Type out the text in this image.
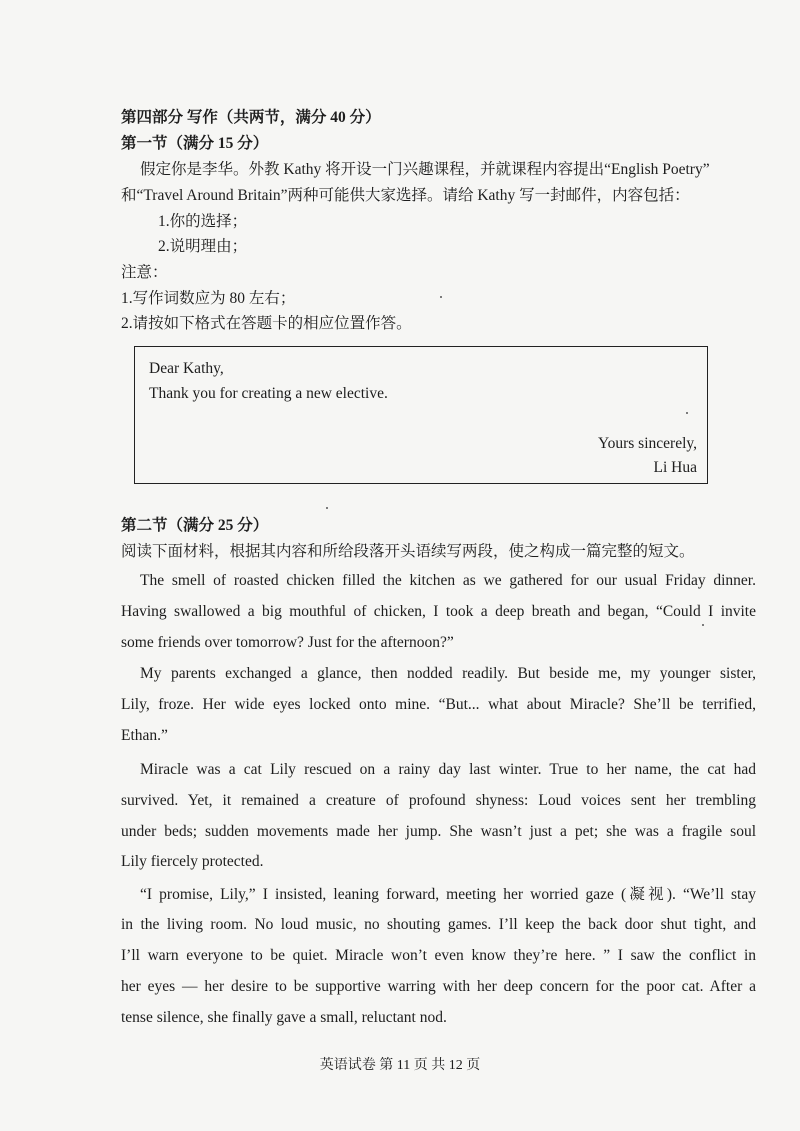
第四部分 写作（共两节，满分 40 分）
第一节（满分 15 分）
假定你是李华。外教 Kathy 将开设一门兴趣课程，并就课程内容提出“English Poetry”
和“Travel Around Britain”两种可能供大家选择。请给 Kathy 写一封邮件，内容包括：
1.你的选择；
2.说明理由；
注意：
1.写作词数应为 80 左右；
2.请按如下格式在答题卡的相应位置作答。
Dear Kathy,
Thank you for creating a new elective.
Yours sincerely,
Li Hua
第二节（满分 25 分）
阅读下面材料，根据其内容和所给段落开头语续写两段，使之构成一篇完整的短文。
The smell of roasted chicken filled the kitchen as we gathered for our usual Friday dinner.
Having swallowed a big mouthful of chicken, I took a deep breath and began, “Could I invite
some friends over tomorrow? Just for the afternoon?”
My parents exchanged a glance, then nodded readily. But beside me, my younger sister,
Lily, froze. Her wide eyes locked onto mine. “But... what about Miracle? She’ll be terrified,
Ethan.”
Miracle was a cat Lily rescued on a rainy day last winter. True to her name, the cat had
survived. Yet, it remained a creature of profound shyness: Loud voices sent her trembling
under beds; sudden movements made her jump. She wasn’t just a pet; she was a fragile soul
Lily fiercely protected.
“I promise, Lily,” I insisted, leaning forward, meeting her worried gaze (凝视). “We’ll stay
in the living room. No loud music, no shouting games. I’ll keep the back door shut tight, and
I’ll warn everyone to be quiet. Miracle won’t even know they’re here. ” I saw the conflict in
her eyes — her desire to be supportive warring with her deep concern for the poor cat. After a
tense silence, she finally gave a small, reluctant nod.
英语试卷 第 11 页 共 12 页
